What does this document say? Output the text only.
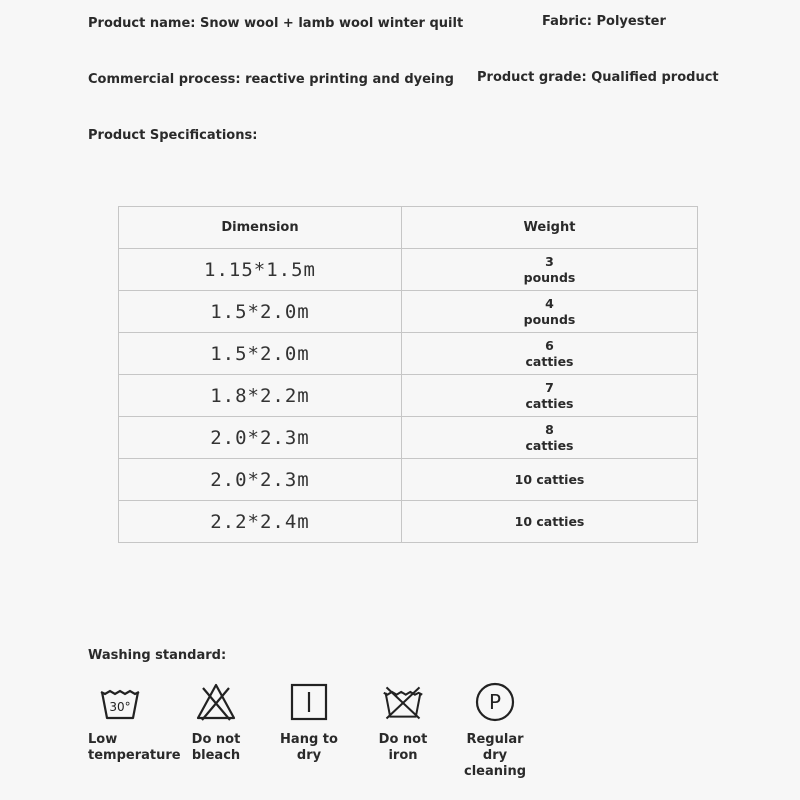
Product name: Snow wool + lamb wool winter quilt	Fabric: Polyester
Commercial process: reactive printing and dyeing Product grade: Qualified product
Product Specifications:
Dimension	Weight
1.15*1.5m	3
pounds

1.5*2.0m	4
pounds

1.5*2.0m	6
catties

1.8*2.2m	7
catties

2.0*2.3m	8
catties

2.0*2.3m	10 catties

2.2*2.4m	10 catties
Washing standard:
30°
Low
temperature
Do not
bleach
Hang to dry
Do not iron
P
Regular
dry
cleaning
